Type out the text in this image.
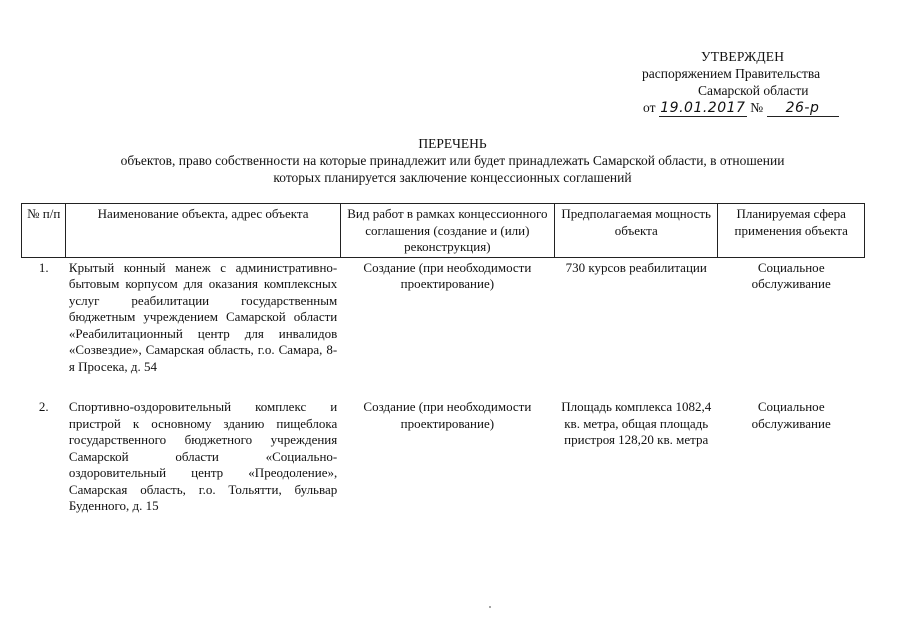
УТВЕРЖДЕН
распоряжением Правительства
Самарской области
от 19.01.2017 № 26-р
ПЕРЕЧЕНЬ
объектов, право собственности на которые принадлежит или будет принадлежать Самарской области, в отношении
которых планируется заключение концессионных соглашений
№ п/п	Наименование объекта, адрес объекта	Вид работ в рамках концессионного соглашения (создание и (или) реконструкция)	Предполагаемая мощность объекта	Планируемая сфера применения объекта
1.	Крытый конный манеж с административно-бытовым корпусом для оказания комплексных услуг реабилитации государственным бюджетным учреждением Самарской области «Реабилитационный центр для инвалидов «Созвездие», Самарская область, г.о. Самара, 8-я Просека, д. 54	Создание (при необходимости проектирование)	730 курсов реабилитации	Социальное обслуживание

2.	Спортивно-оздоровительный комплекс и пристрой к основному зданию пищеблока государственного бюджетного учреждения Самарской области «Социально-оздоровительный центр «Преодоление», Самарская область, г.о. Тольятти, бульвар Буденного, д. 15	Создание (при необходимости проектирование)	Площадь комплекса 1082,4 кв. метра, общая площадь пристроя 128,20 кв. метра	Социальное обслуживание
